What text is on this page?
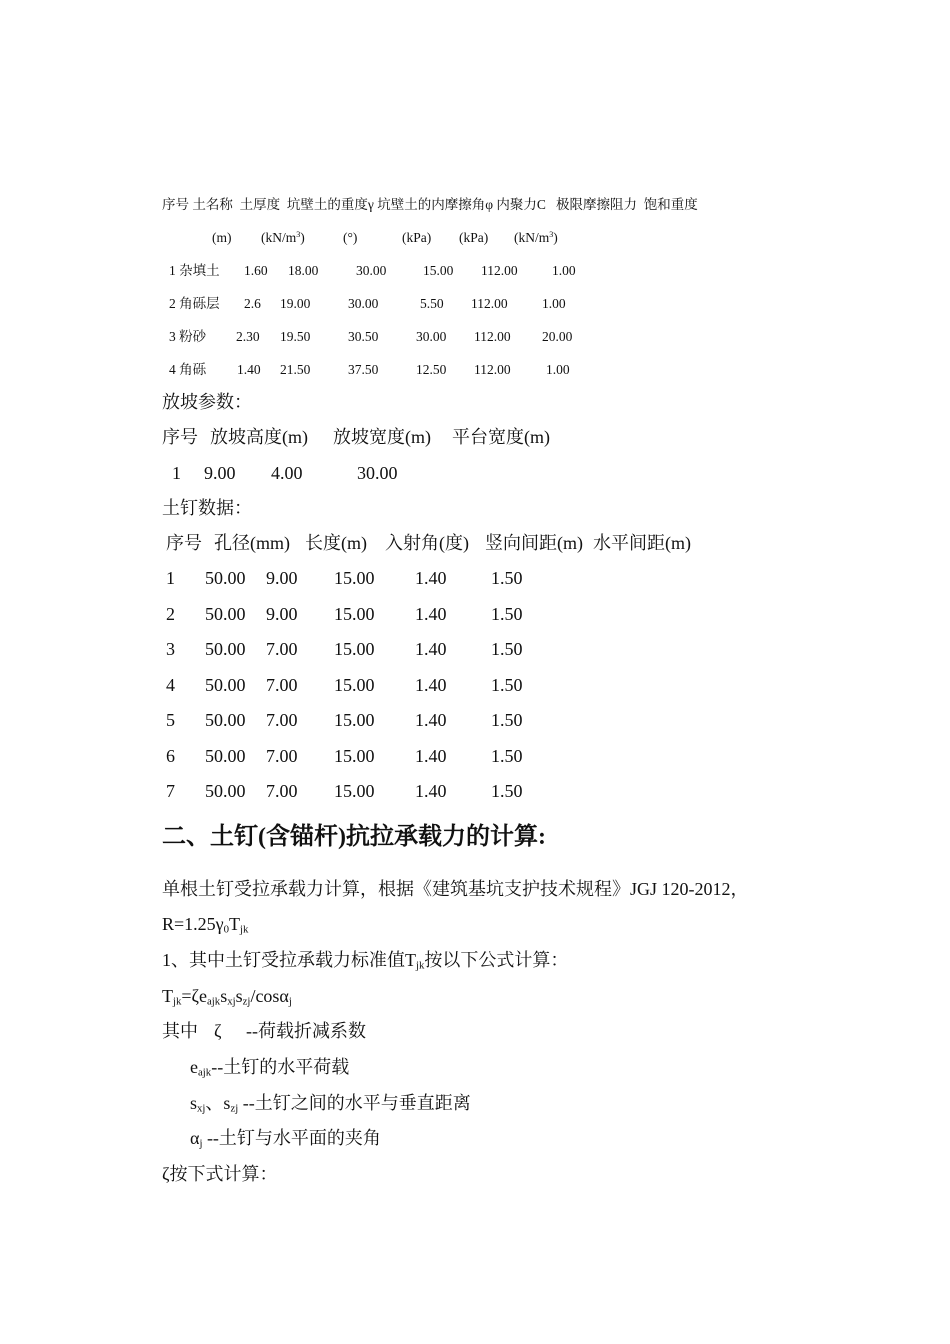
序号 土名称  土厚度  坑壁土的重度γ 坑壁土的内摩擦角φ 内聚力C   极限摩擦阻力  饱和重度
(m) $(kN/m^3)$	(°)	(kPa) (kPa) $(kN/m^3)$
1 杂填土 1.60 18.00	30.00	15.00 112.00	1.00
2 角砾层 2.6 19.00	30.00	5.50 112.00	1.00
3 粉砂 2.30 19.50	30.50	30.00 112.00 20.00
4 角砾 1.40 21.50	37.50	12.50 112.00	1.00
放坡参数：
序号 放坡高度(m) 放坡宽度(m) 平台宽度(m)
1 9.00 4.00	30.00
土钉数据：
序号 孔径(mm) 长度(m) 入射角(度) 竖向间距(m) 水平间距(m)
1 50.00 9.00 15.00 1.40 1.50
2 50.00 9.00 15.00 1.40 1.50
3 50.00 7.00 15.00 1.40 1.50
4 50.00 7.00 15.00 1.40 1.50
5 50.00 7.00 15.00 1.40 1.50
6 50.00 7.00 15.00 1.40 1.50
7 50.00 7.00 15.00 1.40 1.50
二、土钉(含锚杆)抗拉承载力的计算:
单根土钉受拉承载力计算，根据《建筑基坑支护技术规程》JGJ 120-2012，
$R=1.25\gamma_0T_{jk}$
1、其中土钉受拉承载力标准值$T_{jk}$按以下公式计算：
$T_{jk}=\zeta e_{ajk}s_{xj}s_{zj}/\cos\alpha_j$
其中 ζ --荷载折减系数
$e_{ajk}--$土钉的水平荷载
$s_{xj}$、$s_{zj}$ --土钉之间的水平与垂直距离
$\alpha_j$ --土钉与水平面的夹角
ζ按下式计算：
